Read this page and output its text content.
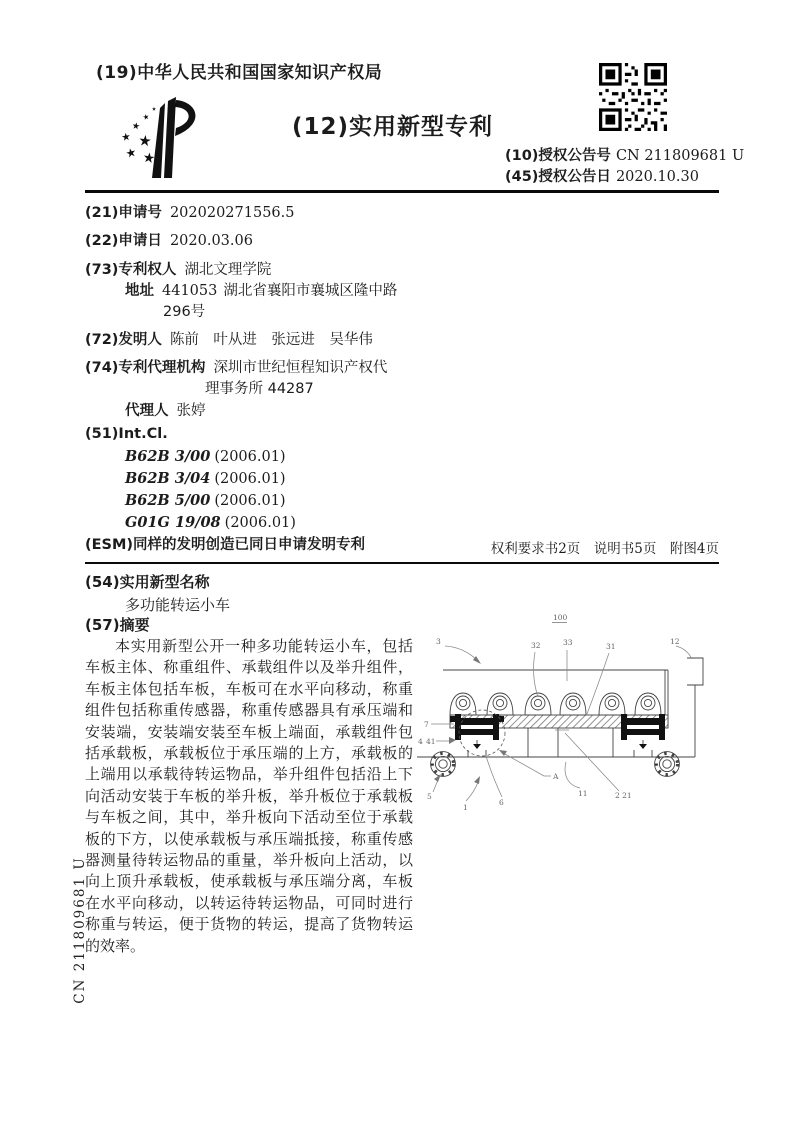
(19)中华人民共和国国家知识产权局
(12)实用新型专利
(10)授权公告号 CN 211809681 U
(45)授权公告日 2020.10.30
(21)申请号 202020271556.5
(22)申请日 2020.03.06
(73)专利权人 湖北文理学院
地址 441053 湖北省襄阳市襄城区隆中路
296号
(72)发明人 陈前　叶从进　张远进　吴华伟
(74)专利代理机构 深圳市世纪恒程知识产权代
理事务所 44287
代理人 张婷
(51)Int.Cl.
B62B 3/00 (2006.01)
B62B 3/04 (2006.01)
B62B 5/00 (2006.01)
G01G 19/08 (2006.01)
(ESM)同样的发明创造已同日申请发明专利	权利要求书2页　说明书5页　附图4页
(54)实用新型名称
多功能转运小车
(57)摘要
本实用新型公开一种多功能转运小车，包括车板主体、称重组件、承载组件以及举升组件，车板主体包括车板，车板可在水平向移动，称重组件包括称重传感器，称重传感器具有承压端和安装端，安装端安装至车板上端面，承载组件包括承载板，承载板位于承压端的上方，承载板的上端用以承载待转运物品，举升组件包括沿上下向活动安装于车板的举升板，举升板位于承载板与车板之间，其中，举升板向下活动至位于承载板的下方，以使承载板与承压端抵接，称重传感器测量待转运物品的重量，举升板向上活动，以向上顶升承载板，使承载板与承压端分离，车板在水平向移动，以转运待转运物品，可同时进行称重与转运，便于货物的转运，提高了货物转运的效率。
100
3	32	33	31
12
7
4 41
5
1
6
A
11	2 21
CN 211809681 U
